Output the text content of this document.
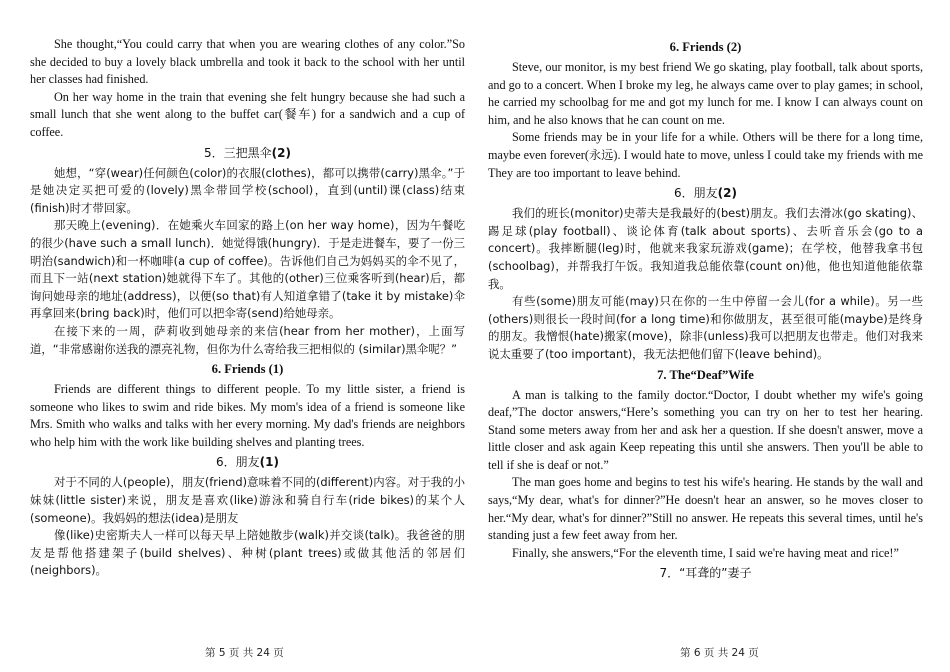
She thought,“You could carry that when you are wearing clothes of any color.”So she decided to buy a lovely black umbrella and took it back to the school with her until her classes had finished.

On her way home in the train that evening she felt hungry because she had such a small lunch that she went along to the buffet car(餐车) for a sandwich and a cup of coffee.

5．三把黑伞(2)

她想，“穿(wear)任何颜色(color)的衣服(clothes)，都可以携带(carry)黑伞。”于是她决定买把可爱的(lovely)黑伞带回学校(school)，直到(until)课(class)结束(finish)时才带回家。

那天晚上(evening)．在她乘火车回家的路上(on her way home)，因为午餐吃的很少(have such a small lunch)．她觉得饿(hungry)．于是走进餐车，要了一份三明治(sandwich)和一杯咖啡(a cup of coffee)。告诉他们自己为妈妈买的伞不见了，而且下一站(next station)她就得下车了。其他的(other)三位乘客听到(hear)后，都询问她母亲的地址(address)，以便(so that)有人知道拿错了(take it by mistake)伞再拿回来(bring back)时，他们可以把伞寄(send)给她母亲。

在接下来的一周，萨莉收到她母亲的来信(hear from her mother)，上面写道，“非常感谢你送我的漂亮礼物，但你为什么寄给我三把相似的 (similar)黑伞呢？”

6. Friends (1)

Friends are different things to different people. To my little sister, a friend is someone who likes to swim and ride bikes. My mom's idea of a friend is someone like Mrs. Smith who walks and talks with her every morning. My dad's friends are neighbors who help him with the work like building shelves and planting trees.

6．朋友(1)

对于不同的人(people)，朋友(friend)意味着不同的(different)内容。对于我的小妹妹(little sister)来说，朋友是喜欢(like)游泳和骑自行车(ride bikes)的某个人(someone)。我妈妈的想法(idea)是朋友

像(like)史密斯夫人一样可以每天早上陪她散步(walk)并交谈(talk)。我爸爸的朋友是帮他搭建架子(build shelves)、种树(plant trees)或做其他活的邻居们(neighbors)。

6. Friends (2)

Steve, our monitor, is my best friend We go skating, play football, talk about sports, and go to a concert. When I broke my leg, he always came over to play games; in school, he carried my schoolbag for me and got my lunch for me. I know I can always count on him, and he also knows that he can count on me.

Some friends may be in your life for a while. Others will be there for a long time, maybe even forever(永远). I would hate to move, unless I could take my friends with me They are too important to leave behind.

6．朋友(2)

我们的班长(monitor)史蒂夫是我最好的(best)朋友。我们去滑冰(go skating)、踢足球(play football)、谈论体育(talk about sports)、去听音乐会(go to a concert)。我摔断腿(leg)时，他就来我家玩游戏(game)；在学校，他替我拿书包(schoolbag)，并帮我打午饭。我知道我总能依靠(count on)他，他也知道他能依靠我。

有些(some)朋友可能(may)只在你的一生中停留一会儿(for a while)。另一些(others)则很长一段时间(for a long time)和你做朋友，甚至很可能(maybe)是终身的朋友。我憎恨(hate)搬家(move)，除非(unless)我可以把朋友也带走。他们对我来说太重要了(too important)，我无法把他们留下(leave behind)。

7. The“Deaf”Wife

A man is talking to the family doctor.“Doctor, I doubt whether my wife's going deaf,”The doctor answers,“Here’s something you can try on her to test her hearing. Stand some meters away from her and ask her a question. If she doesn't answer, move a little closer and ask again Keep repeating this until she answers. Then you'll be able to tell if she is deaf or not.”

The man goes home and begins to test his wife's hearing. He stands by the wall and says,“My dear, what's for dinner?”He doesn't hear an answer, so he moves closer to her.“My dear, what's for dinner?”Still no answer. He repeats this several times, until he's standing just a few feet away from her.

Finally, she answers,“For the eleventh time, I said we're having meat and rice!”

7．“耳聋的”妻子
第 5 页 共 24 页	第 6 页 共 24 页
